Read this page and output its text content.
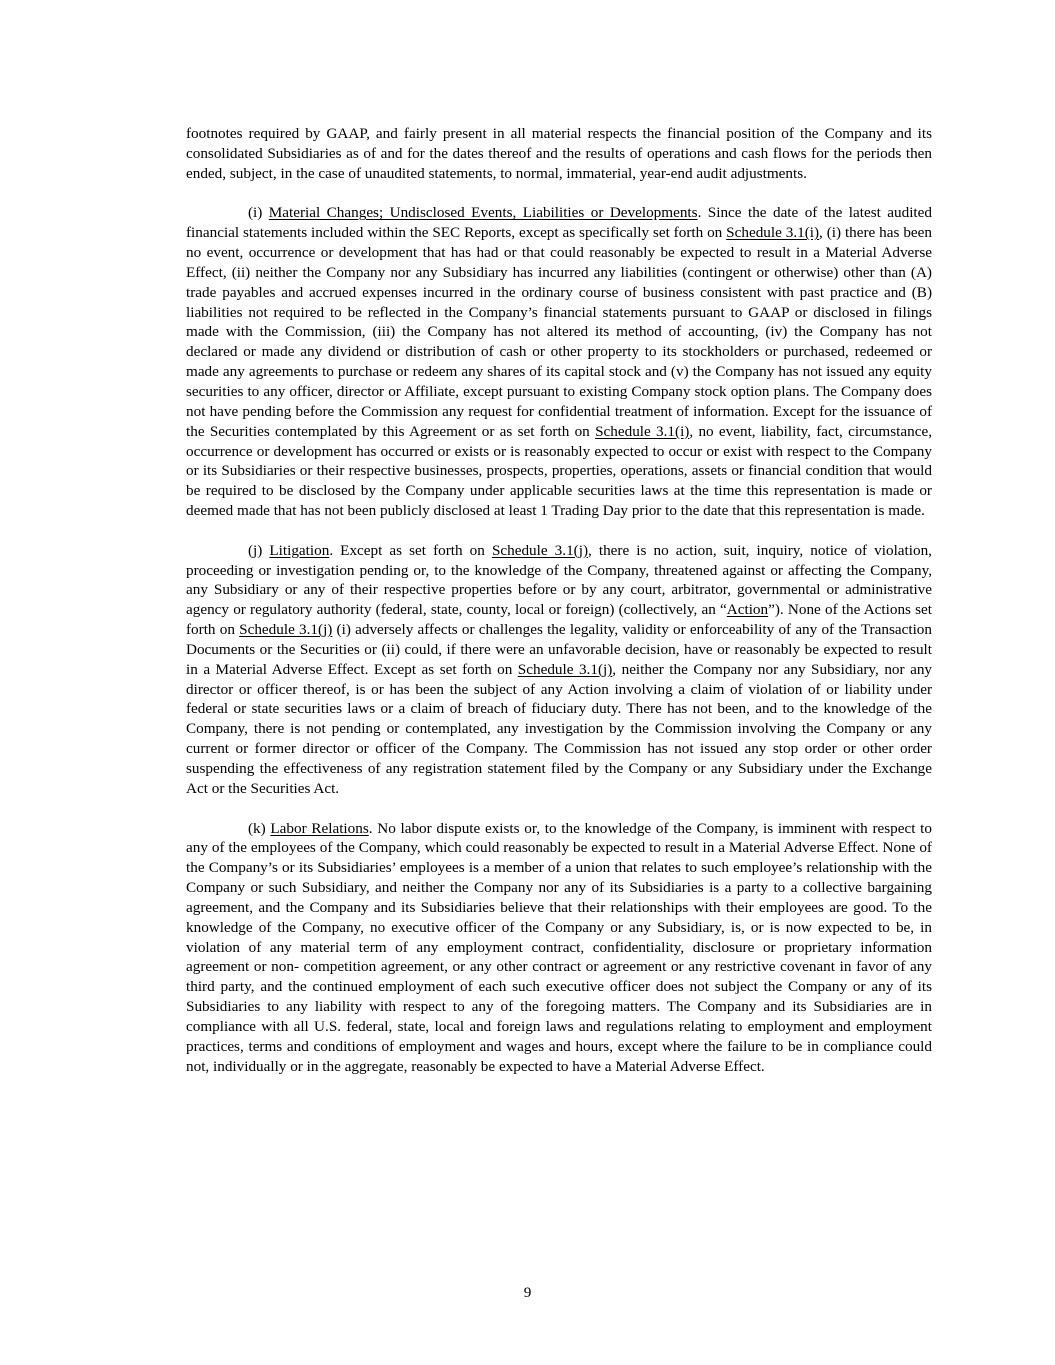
footnotes required by GAAP, and fairly present in all material respects the financial position of the Company and its consolidated Subsidiaries as of and for the dates thereof and the results of operations and cash flows for the periods then ended, subject, in the case of unaudited statements, to normal, immaterial, year-end audit adjustments.

(i) Material Changes; Undisclosed Events, Liabilities or Developments. Since the date of the latest audited financial statements included within the SEC Reports, except as specifically set forth on Schedule 3.1(i), (i) there has been no event, occurrence or development that has had or that could reasonably be expected to result in a Material Adverse Effect, (ii) neither the Company nor any Subsidiary has incurred any liabilities (contingent or otherwise) other than (A) trade payables and accrued expenses incurred in the ordinary course of business consistent with past practice and (B) liabilities not required to be reflected in the Company’s financial statements pursuant to GAAP or disclosed in filings made with the Commission, (iii) the Company has not altered its method of accounting, (iv) the Company has not declared or made any dividend or distribution of cash or other property to its stockholders or purchased, redeemed or made any agreements to purchase or redeem any shares of its capital stock and (v) the Company has not issued any equity securities to any officer, director or Affiliate, except pursuant to existing Company stock option plans. The Company does not have pending before the Commission any request for confidential treatment of information. Except for the issuance of the Securities contemplated by this Agreement or as set forth on Schedule 3.1(i), no event, liability, fact, circumstance, occurrence or development has occurred or exists or is reasonably expected to occur or exist with respect to the Company or its Subsidiaries or their respective businesses, prospects, properties, operations, assets or financial condition that would be required to be disclosed by the Company under applicable securities laws at the time this representation is made or deemed made that has not been publicly disclosed at least 1 Trading Day prior to the date that this representation is made.

(j) Litigation. Except as set forth on Schedule 3.1(j), there is no action, suit, inquiry, notice of violation, proceeding or investigation pending or, to the knowledge of the Company, threatened against or affecting the Company, any Subsidiary or any of their respective properties before or by any court, arbitrator, governmental or administrative agency or regulatory authority (federal, state, county, local or foreign) (collectively, an “Action”). None of the Actions set forth on Schedule 3.1(j) (i) adversely affects or challenges the legality, validity or enforceability of any of the Transaction Documents or the Securities or (ii) could, if there were an unfavorable decision, have or reasonably be expected to result in a Material Adverse Effect. Except as set forth on Schedule 3.1(j), neither the Company nor any Subsidiary, nor any director or officer thereof, is or has been the subject of any Action involving a claim of violation of or liability under federal or state securities laws or a claim of breach of fiduciary duty. There has not been, and to the knowledge of the Company, there is not pending or contemplated, any investigation by the Commission involving the Company or any current or former director or officer of the Company. The Commission has not issued any stop order or other order suspending the effectiveness of any registration statement filed by the Company or any Subsidiary under the Exchange Act or the Securities Act.

(k) Labor Relations. No labor dispute exists or, to the knowledge of the Company, is imminent with respect to any of the employees of the Company, which could reasonably be expected to result in a Material Adverse Effect. None of the Company’s or its Subsidiaries’ employees is a member of a union that relates to such employee’s relationship with the Company or such Subsidiary, and neither the Company nor any of its Subsidiaries is a party to a collective bargaining agreement, and the Company and its Subsidiaries believe that their relationships with their employees are good. To the knowledge of the Company, no executive officer of the Company or any Subsidiary, is, or is now expected to be, in violation of any material term of any employment contract, confidentiality, disclosure or proprietary information agreement or non- competition agreement, or any other contract or agreement or any restrictive covenant in favor of any third party, and the continued employment of each such executive officer does not subject the Company or any of its Subsidiaries to any liability with respect to any of the foregoing matters. The Company and its Subsidiaries are in compliance with all U.S. federal, state, local and foreign laws and regulations relating to employment and employment practices, terms and conditions of employment and wages and hours, except where the failure to be in compliance could not, individually or in the aggregate, reasonably be expected to have a Material Adverse Effect.

9
